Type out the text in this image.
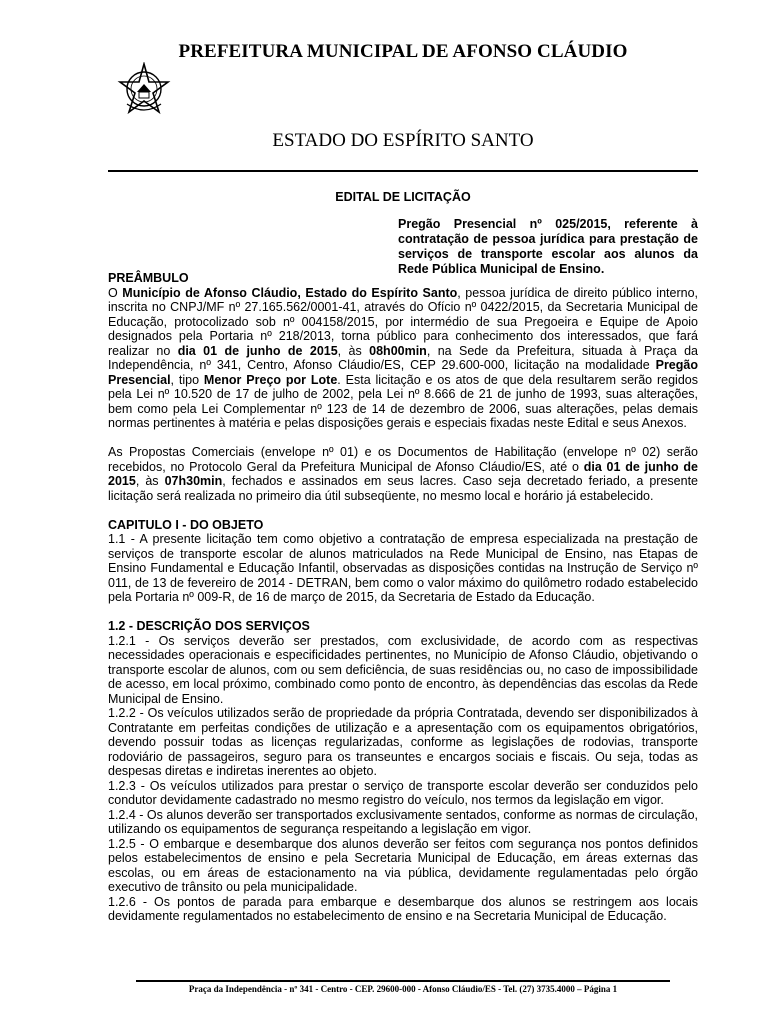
PREFEITURA MUNICIPAL DE AFONSO CLÁUDIO
ESTADO DO ESPÍRITO SANTO
EDITAL DE LICITAÇÃO
Pregão Presencial nº 025/2015, referente à contratação de pessoa jurídica para prestação de serviços de transporte escolar aos alunos da Rede Pública Municipal de Ensino.

PREÂMBULO

O Município de Afonso Cláudio, Estado do Espírito Santo, pessoa jurídica de direito público interno, inscrita no CNPJ/MF nº 27.165.562/0001-41, através do Ofício nº 0422/2015, da Secretaria Municipal de Educação, protocolizado sob nº 004158/2015, por intermédio de sua Pregoeira e Equipe de Apoio designados pela Portaria nº 218/2013, torna público para conhecimento dos interessados, que fará realizar no dia 01 de junho de 2015, às 08h00min, na Sede da Prefeitura, situada à Praça da Independência, nº 341, Centro, Afonso Cláudio/ES, CEP 29.600-000, licitação na modalidade Pregão Presencial, tipo Menor Preço por Lote. Esta licitação e os atos de que dela resultarem serão regidos pela Lei nº 10.520 de 17 de julho de 2002, pela Lei nº 8.666 de 21 de junho de 1993, suas alterações, bem como pela Lei Complementar nº 123 de 14 de dezembro de 2006, suas alterações, pelas demais normas pertinentes à matéria e pelas disposições gerais e especiais fixadas neste Edital e seus Anexos.

As Propostas Comerciais (envelope nº 01) e os Documentos de Habilitação (envelope nº 02) serão recebidos, no Protocolo Geral da Prefeitura Municipal de Afonso Cláudio/ES, até o dia 01 de junho de 2015, às 07h30min, fechados e assinados em seus lacres. Caso seja decretado feriado, a presente licitação será realizada no primeiro dia útil subseqüente, no mesmo local e horário já estabelecido.

CAPITULO I - DO OBJETO

1.1 - A presente licitação tem como objetivo a contratação de empresa especializada na prestação de serviços de transporte escolar de alunos matriculados na Rede Municipal de Ensino, nas Etapas de Ensino Fundamental e Educação Infantil, observadas as disposições contidas na Instrução de Serviço nº 011, de 13 de fevereiro de 2014 - DETRAN, bem como o valor máximo do quilômetro rodado estabelecido pela Portaria nº 009-R, de 16 de março de 2015, da Secretaria de Estado da Educação.

1.2 - DESCRIÇÃO DOS SERVIÇOS

1.2.1 - Os serviços deverão ser prestados, com exclusividade, de acordo com as respectivas necessidades operacionais e especificidades pertinentes, no Município de Afonso Cláudio, objetivando o transporte escolar de alunos, com ou sem deficiência, de suas residências ou, no caso de impossibilidade de acesso, em local próximo, combinado como ponto de encontro, às dependências das escolas da Rede Municipal de Ensino.

1.2.2 - Os veículos utilizados serão de propriedade da própria Contratada, devendo ser disponibilizados à Contratante em perfeitas condições de utilização e a apresentação com os equipamentos obrigatórios, devendo possuir todas as licenças regularizadas, conforme as legislações de rodovias, transporte rodoviário de passageiros, seguro para os transeuntes e encargos sociais e fiscais. Ou seja, todas as despesas diretas e indiretas inerentes ao objeto.

1.2.3 - Os veículos utilizados para prestar o serviço de transporte escolar deverão ser conduzidos pelo condutor devidamente cadastrado no mesmo registro do veículo, nos termos da legislação em vigor.

1.2.4 - Os alunos deverão ser transportados exclusivamente sentados, conforme as normas de circulação, utilizando os equipamentos de segurança respeitando a legislação em vigor.

1.2.5 - O embarque e desembarque dos alunos deverão ser feitos com segurança nos pontos definidos pelos estabelecimentos de ensino e pela Secretaria Municipal de Educação, em áreas externas das escolas, ou em áreas de estacionamento na via pública, devidamente regulamentadas pelo órgão executivo de trânsito ou pela municipalidade.

1.2.6 - Os pontos de parada para embarque e desembarque dos alunos se restringem aos locais devidamente regulamentados no estabelecimento de ensino e na Secretaria Municipal de Educação.

Praça da Independência - nº 341 - Centro - CEP. 29600-000 - Afonso Cláudio/ES - Tel. (27) 3735.4000 – Página 1
